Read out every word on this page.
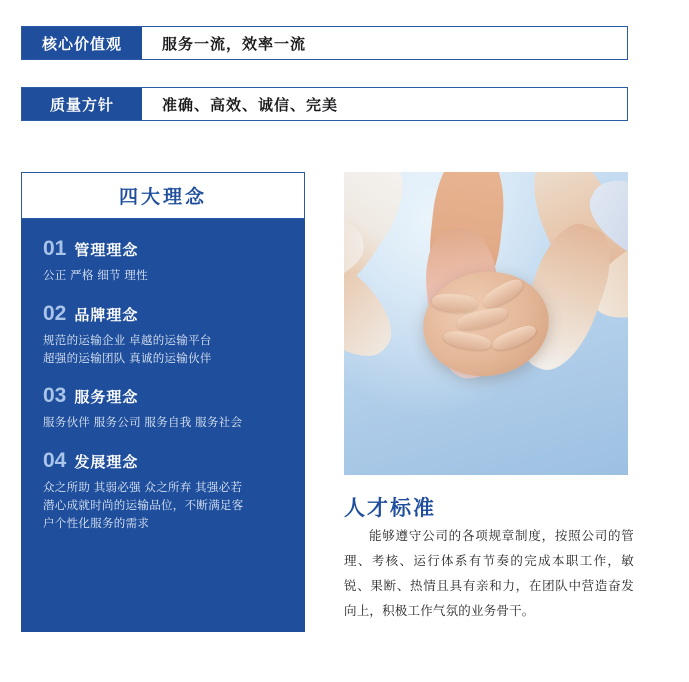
核心价值观	服务一流，效率一流
质量方针	准确、高效、诚信、完美
四大理念
01 管理理念
公正 严格 细节 理性
02 品牌理念
规范的运输企业 卓越的运输平台
超强的运输团队 真诚的运输伙伴
03 服务理念
服务伙伴 服务公司 服务自我 服务社会
04 发展理念
众之所助 其弱必强 众之所弃 其强必若
潜心成就时尚的运输品位，不断满足客
户个性化服务的需求
人才标准
能够遵守公司的各项规章制度，按照公司的管理、考核、运行体系有节奏的完成本职工作，敏锐、果断、热情且具有亲和力，在团队中营造奋发向上，积极工作气氛的业务骨干。
